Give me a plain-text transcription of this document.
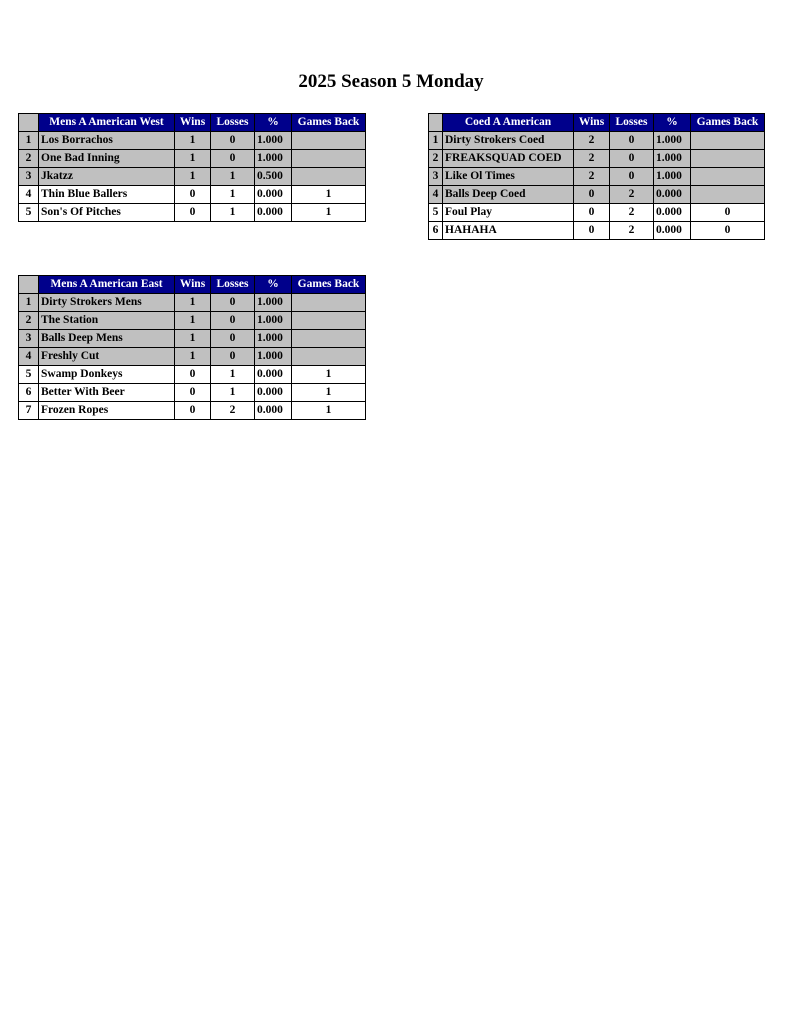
2025 Season 5 Monday
	Mens A American West	Wins	Losses	%	Games Back
1	Los Borrachos	1	0	1.000	
2	One Bad Inning	1	0	1.000	
3	Jkatzz	1	1	0.500	
4	Thin Blue Ballers	0	1	0.000	1
5	Son's Of Pitches	0	1	0.000	1
	Coed A American	Wins	Losses	%	Games Back
1	Dirty Strokers Coed	2	0	1.000	
2	FREAKSQUAD COED	2	0	1.000	
3	Like Ol Times	2	0	1.000	
4	Balls Deep Coed	0	2	0.000	
5	Foul Play	0	2	0.000	0
6	HAHAHA	0	2	0.000	0
	Mens A American East	Wins	Losses	%	Games Back
1	Dirty Strokers Mens	1	0	1.000	
2	The Station	1	0	1.000	
3	Balls Deep Mens	1	0	1.000	
4	Freshly Cut	1	0	1.000	
5	Swamp Donkeys	0	1	0.000	1
6	Better With Beer	0	1	0.000	1
7	Frozen Ropes	0	2	0.000	1
